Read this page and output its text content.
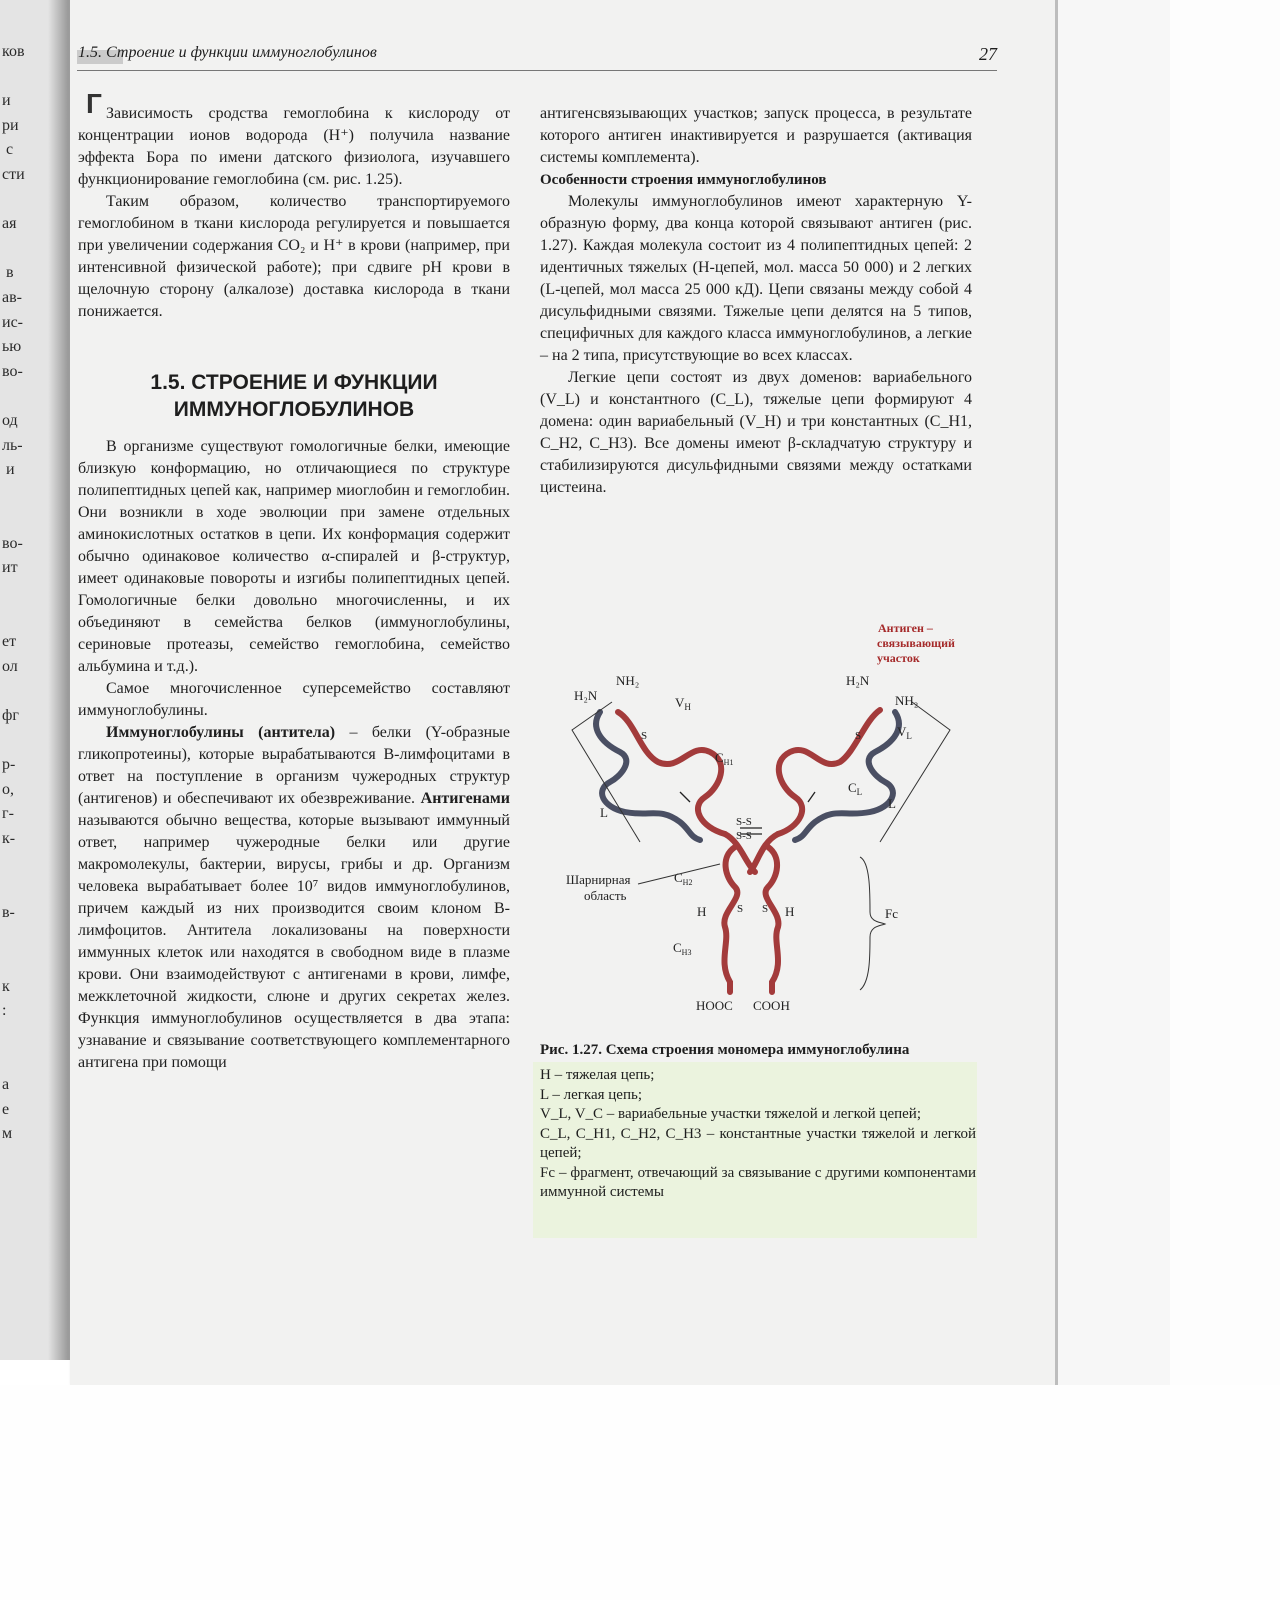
ков

и
ри
с
сти

ая

в
ав-
ис-
ью
во-

од
ль-
и

во-
ит

ет
ол

фг

р-
о,
г-
к-

в-

к
:

а
е
м
1.5. Строение и функции иммуноглобулинов	27
Г Зависимость сродства гемоглобина к кислороду от концентрации ионов водорода (H⁺) получила название эффекта Бора по имени датского физиолога, изучавшего функционирование гемоглобина (см. рис. 1.25).

Таким образом, количество транспортируемого гемоглобином в ткани кислорода регулируется и повышается при увеличении содержания CO₂ и H⁺ в крови (например, при интенсивной физической работе); при сдвиге pH крови в щелочную сторону (алкалозе) доставка кислорода в ткани понижается.

1.5. СТРОЕНИЕ И ФУНКЦИИ
ИММУНОГЛОБУЛИНОВ

В организме существуют гомологичные белки, имеющие близкую конформацию, но отличающиеся по структуре полипептидных цепей как, например миоглобин и гемоглобин. Они возникли в ходе эволюции при замене отдельных аминокислотных остатков в цепи. Их конформация содержит обычно одинаковое количество α-спиралей и β-структур, имеет одинаковые повороты и изгибы полипептидных цепей. Гомологичные белки довольно многочисленны, и их объединяют в семейства белков (иммуноглобулины, сериновые протеазы, семейство гемоглобина, семейство альбумина и т.д.).

Самое многочисленное суперсемейство составляют иммуноглобулины.

Иммуноглобулины (антитела) – белки (Y-образные гликопротеины), которые вырабатываются В-лимфоцитами в ответ на поступление в организм чужеродных структур (антигенов) и обеспечивают их обезвреживание. Антигенами называются обычно вещества, которые вызывают иммунный ответ, например чужеродные белки или другие макромолекулы, бактерии, вирусы, грибы и др. Организм человека вырабатывает более 10⁷ видов иммуноглобулинов, причем каждый из них производится своим клоном В-лимфоцитов. Антитела локализованы на поверхности иммунных клеток или находятся в свободном виде в плазме крови. Они взаимодействуют с антигенами в крови, лимфе, межклеточной жидкости, слюне и других секретах желез. Функция иммуноглобулинов осуществляется в два этапа: узнавание и связывание соответствующего комплементарного антигена при помощи

антигенсвязывающих участков; запуск процесса, в результате которого антиген инактивируется и разрушается (активация системы комплемента).

Особенности строения иммуноглобулинов

Молекулы иммуноглобулинов имеют характерную Y-образную форму, два конца которой связывают антиген (рис. 1.27). Каждая молекула состоит из 4 полипептидных цепей: 2 идентичных тяжелых (H-цепей, мол. масса 50 000) и 2 легких (L-цепей, мол масса 25 000 кД). Цепи связаны между собой 4 дисульфидными связями. Тяжелые цепи делятся на 5 типов, специфичных для каждого класса иммуноглобулинов, а легкие – на 2 типа, присутствующие во всех классах.

Легкие цепи состоят из двух доменов: вариабельного (V_L) и константного (C_L), тяжелые цепи формируют 4 домена: один вариабельный (V_H) и три константных (C_H1, C_H2, C_H3). Все домены имеют β-складчатую структуру и стабилизируются дисульфидными связями между остатками цистеина.

S-S
S-S
S	S
S S
Антиген –
связывающий
участок
H₂N
NH₂	H₂N
NH₂
$V_H$
$V_L$
$C_{H1}$
$C_L$
L
L
$C_{H2}$
$C_{H3}$
H	H	Fc
Шарнирная
область
HOOC COOH
Рис. 1.27. Схема строения мономера иммуноглобулина
H – тяжелая цепь;
L – легкая цепь;
V_L, V_C – вариабельные участки тяжелой и легкой цепей;
C_L, C_H1, C_H2, C_H3 – константные участки тяжелой и легкой цепей;
Fc – фрагмент, отвечающий за связывание с другими компонентами иммунной системы
